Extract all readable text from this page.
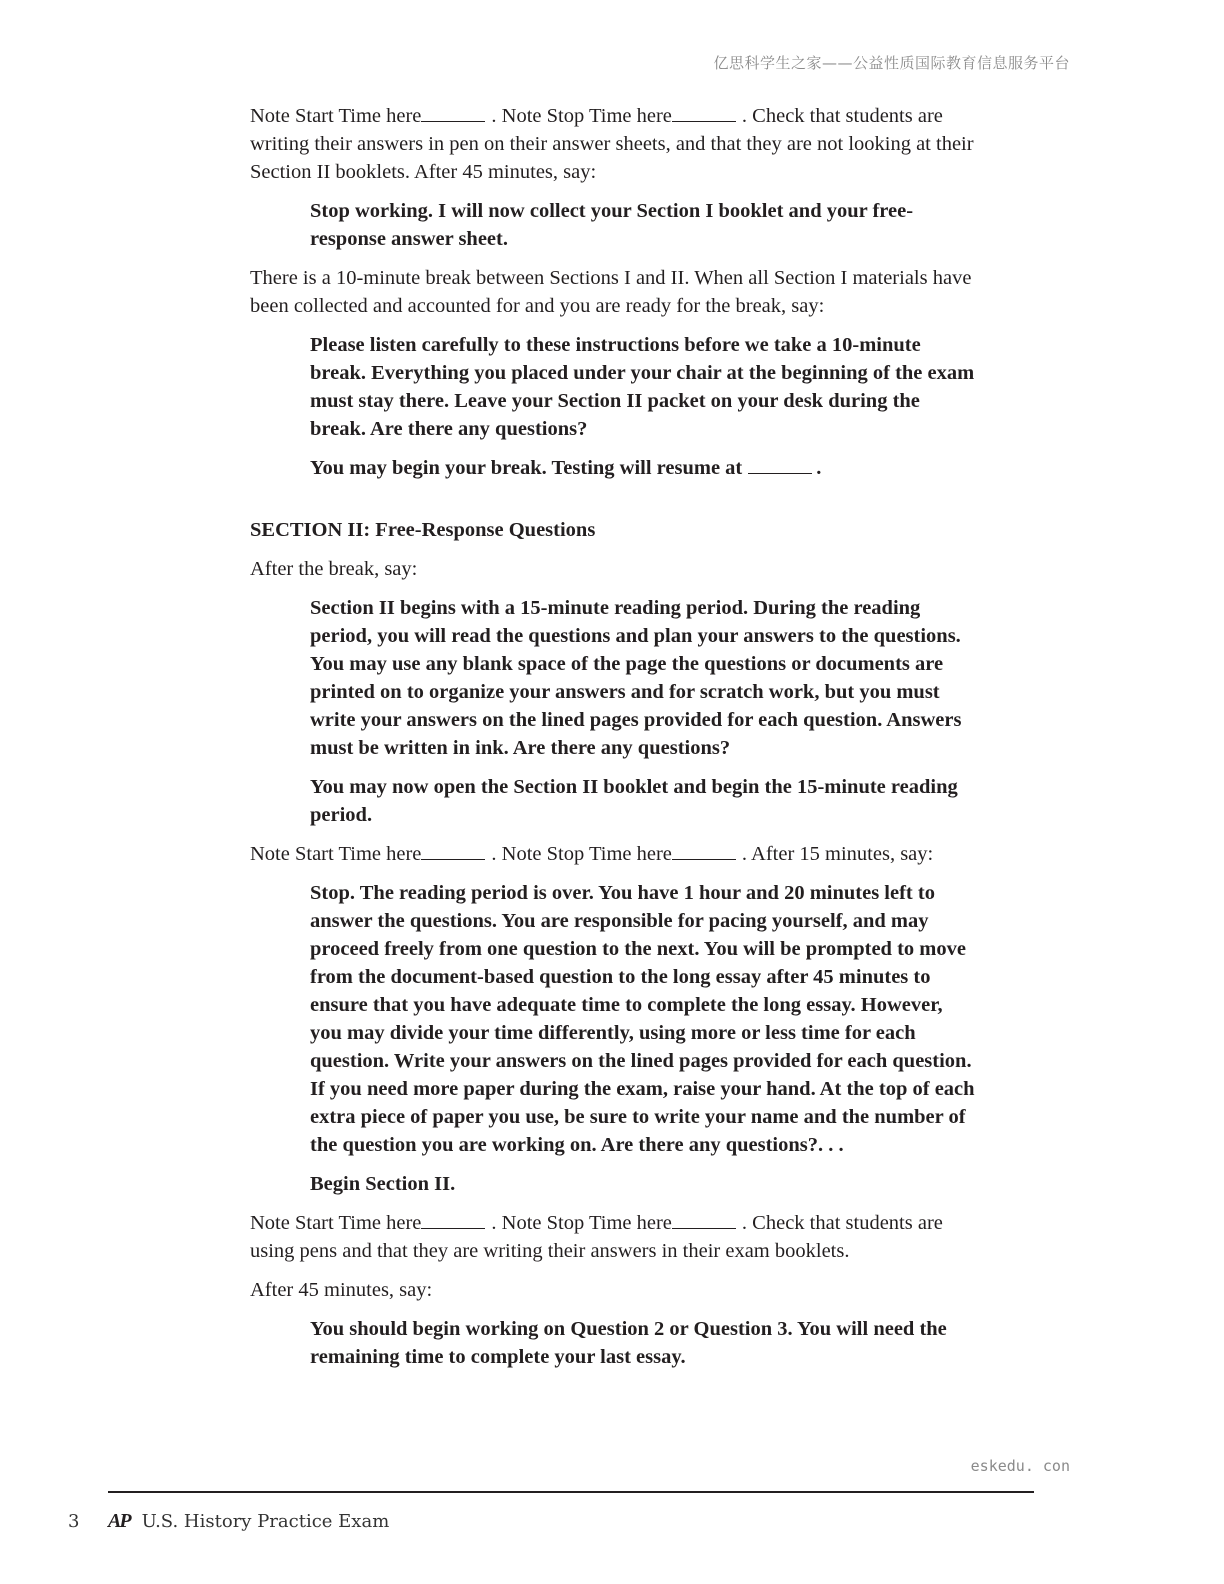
亿思科学生之家——公益性质国际教育信息服务平台

Note Start Time here	. Note Stop Time here	. Check that students are writing their answers in pen on their answer sheets, and that they are not looking at their Section II booklets. After 45 minutes, say:

Stop working. I will now collect your Section I booklet and your free-response answer sheet.

There is a 10-minute break between Sections I and II. When all Section I materials have been collected and accounted for and you are ready for the break, say:

Please listen carefully to these instructions before we take a 10-minute break. Everything you placed under your chair at the beginning of the exam must stay there. Leave your Section II packet on your desk during the break. Are there any questions?

You may begin your break. Testing will resume at	.

SECTION II: Free-Response Questions

After the break, say:

Section II begins with a 15-minute reading period. During the reading period, you will read the questions and plan your answers to the questions. You may use any blank space of the page the questions or documents are printed on to organize your answers and for scratch work, but you must write your answers on the lined pages provided for each question. Answers must be written in ink. Are there any questions?

You may now open the Section II booklet and begin the 15-minute reading period.

Note Start Time here	. Note Stop Time here	. After 15 minutes, say:

Stop. The reading period is over. You have 1 hour and 20 minutes left to answer the questions. You are responsible for pacing yourself, and may proceed freely from one question to the next. You will be prompted to move from the document-based question to the long essay after 45 minutes to ensure that you have adequate time to complete the long essay. However, you may divide your time differently, using more or less time for each question. Write your answers on the lined pages provided for each question. If you need more paper during the exam, raise your hand. At the top of each extra piece of paper you use, be sure to write your name and the number of the question you are working on. Are there any questions?. . .

Begin Section II.

Note Start Time here	. Note Stop Time here	. Check that students are using pens and that they are writing their answers in their exam booklets.

After 45 minutes, say:

You should begin working on Question 2 or Question 3. You will need the remaining time to complete your last essay.

eskedu. con
3	AP U.S. History Practice Exam
